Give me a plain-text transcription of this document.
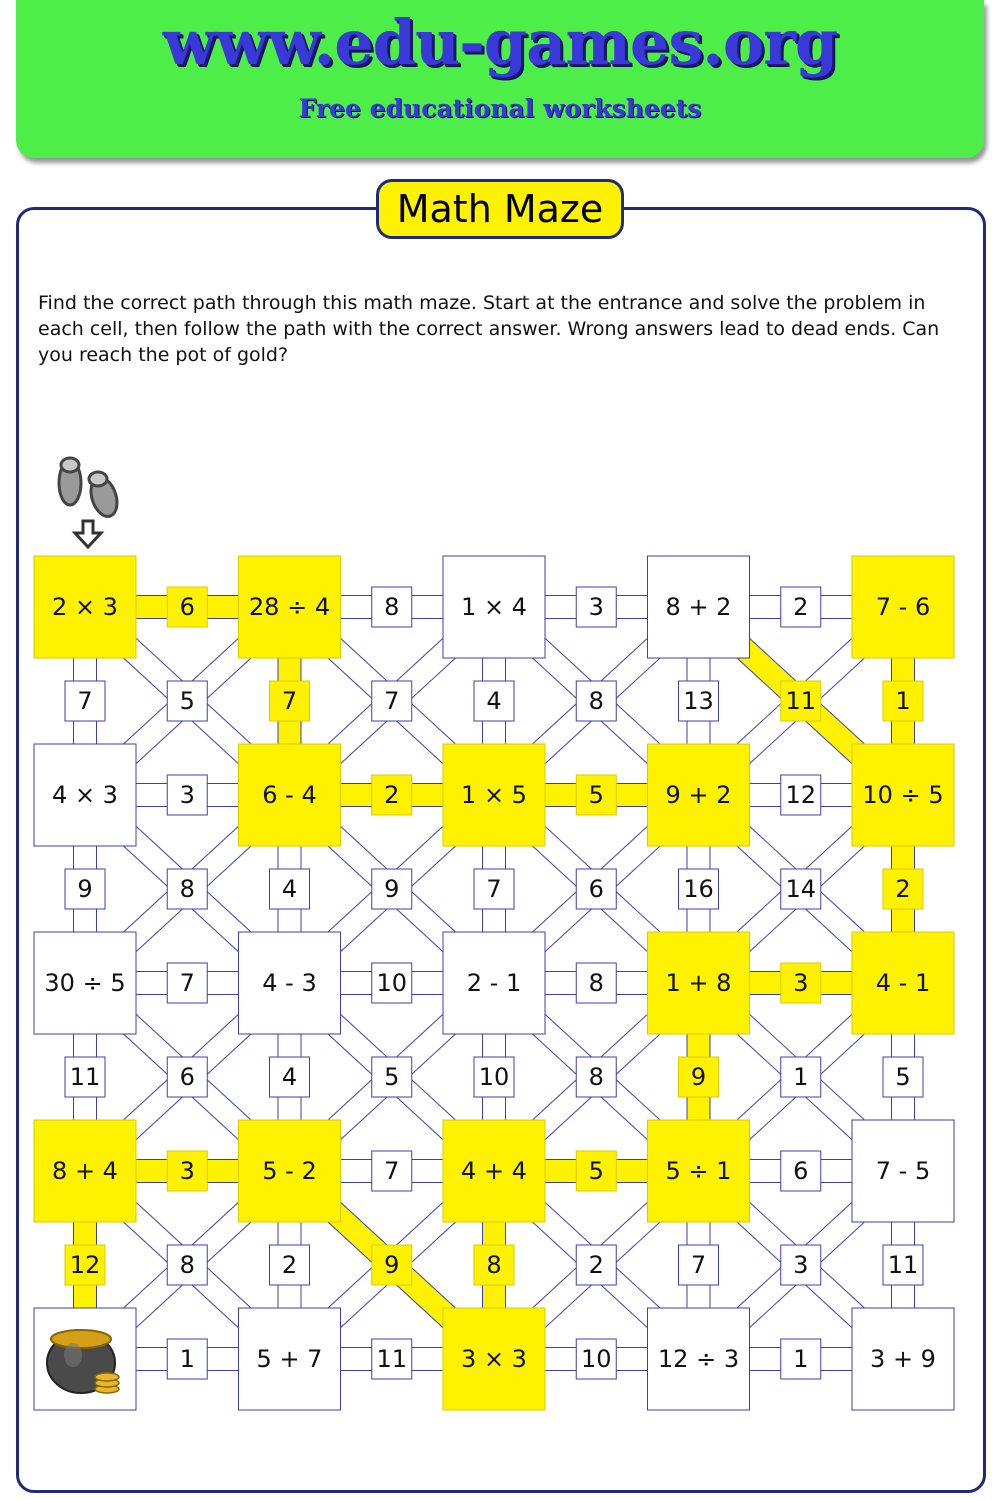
www.edu-games.org
Free educational worksheets
Math Maze
Find the correct path through this math maze. Start at the entrance and solve the problem in each cell, then follow the path with the correct answer. Wrong answers lead to dead ends. Can you reach the pot of gold?
2 × 3	28 ÷ 4	1 × 4	8 + 2	7 - 6
4 × 3	6 - 4	1 × 5	9 + 2	10 ÷ 5
30 ÷ 5	4 - 3	2 - 1	1 + 8	4 - 1
8 + 4	5 - 2	4 + 4	5 ÷ 1	7 - 5
5 + 7	3 × 3	12 ÷ 3	3 + 9
6	8	3	2
3	2	5	12
7	10	8	3
3	7	5	6
1	11	10	1
7	7	4	13	1
9	4	7	16	2
11	4	10	9	5
12	2	8	7	11
5	7	8	11
8	9	6	14
6	5	8	1
8	9	2	3
